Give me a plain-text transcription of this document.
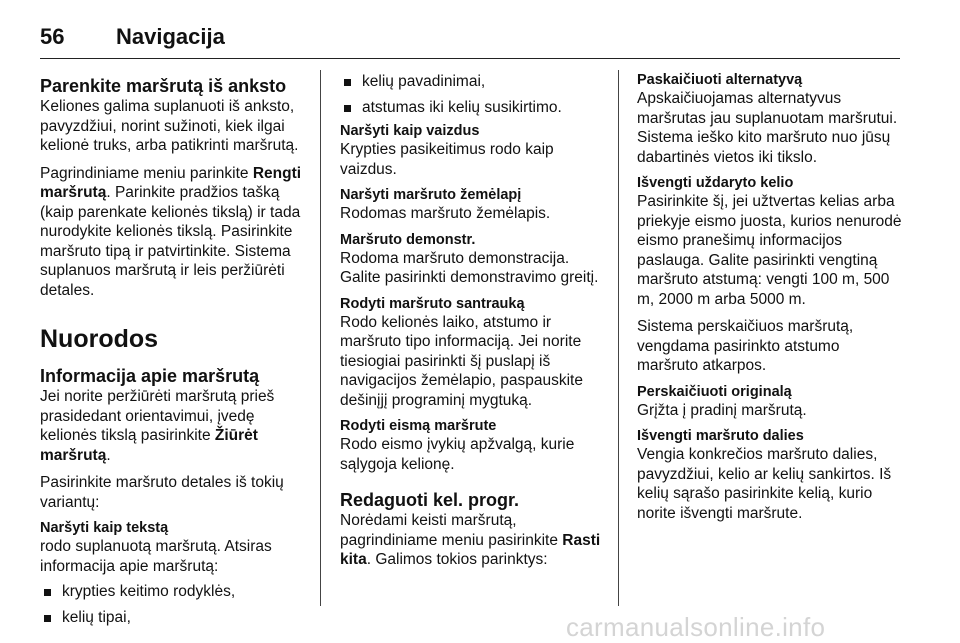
56	Navigacija

Parenkite maršrutą iš anksto

Keliones galima suplanuoti iš anksto, pavyzdžiui, norint sužinoti, kiek ilgai kelionė truks, arba patikrinti maršrutą.

Pagrindiniame meniu parinkite Rengti maršrutą. Parinkite pradžios tašką (kaip parenkate kelionės tikslą) ir tada nurodykite kelionės tikslą. Pasirinkite maršruto tipą ir patvirtinkite. Sistema suplanuos maršrutą ir leis peržiūrėti detales.

Nuorodos

Informacija apie maršrutą

Jei norite peržiūrėti maršrutą prieš prasidedant orientavimui, įvedę kelionės tikslą pasirinkite Žiūrėt maršrutą.

Pasirinkite maršruto detales iš tokių variantų:

Naršyti kaip tekstą

rodo suplanuotą maršrutą. Atsiras informacija apie maršrutą:

krypties keitimo rodyklės,
kelių tipai,
kelių pavadinimai,
atstumas iki kelių susikirtimo.

Naršyti kaip vaizdus

Krypties pasikeitimus rodo kaip vaizdus.

Naršyti maršruto žemėlapį

Rodomas maršruto žemėlapis.

Maršruto demonstr.

Rodoma maršruto demonstracija. Galite pasirinkti demonstravimo greitį.

Rodyti maršruto santrauką

Rodo kelionės laiko, atstumo ir maršruto tipo informaciją. Jei norite tiesiogiai pasirinkti šį puslapį iš navigacijos žemėlapio, paspauskite dešinįjį programinį mygtuką.

Rodyti eismą maršrute

Rodo eismo įvykių apžvalgą, kurie sąlygoja kelionę.

Redaguoti kel. progr.

Norėdami keisti maršrutą, pagrindiniame meniu pasirinkite Rasti kita. Galimos tokios parinktys:

Paskaičiuoti alternatyvą

Apskaičiuojamas alternatyvus maršrutas jau suplanuotam maršrutui. Sistema ieško kito maršruto nuo jūsų dabartinės vietos iki tikslo.

Išvengti uždaryto kelio

Pasirinkite šį, jei užtvertas kelias arba priekyje eismo juosta, kurios nenurodė eismo pranešimų informacijos paslauga. Galite pasirinkti vengtiną maršruto atstumą: vengti 100 m, 500 m, 2000 m arba 5000 m.

Sistema perskaičiuos maršrutą, vengdama pasirinkto atstumo maršruto atkarpos.

Perskaičiuoti originalą

Grįžta į pradinį maršrutą.

Išvengti maršruto dalies

Vengia konkrečios maršruto dalies, pavyzdžiui, kelio ar kelių sankirtos. Iš kelių sąrašo pasirinkite kelią, kurio norite išvengti maršrute.

carmanualsonline.info
